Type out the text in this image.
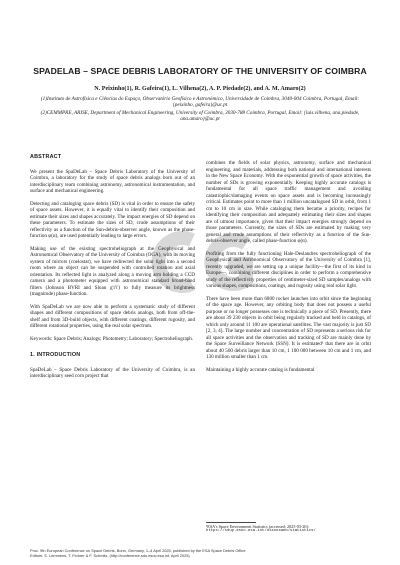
SPADELAB – SPACE DEBRIS LABORATORY OF THE UNIVERSITY OF COIMBRA
N. Peixinho(1), R. Gafeira(1), L. Vilhena(2), A. P. Piedade(2), and A. M. Amaro(2)
(1)Instituto de Astrofísica e Ciências do Espaço, Observatório Geofísico e Astronómico, Universidade de Coimbra, 3040-004 Coimbra, Portugal, Email: {peixinho, gafeira}@uc.pt
(2)CEMMPRE, ARISE, Department of Mechanical Engineering, University of Coimbra, 3030-788 Coimbra, Portugal, Email: {luis.vilhena, ana.piedade, ana.amaro}@uc.pt
ABSTRACT

We present the SpaDeLab – Space Debris Laboratory of the University of Coimbra, a laboratory for the study of space debris analogs born out of an interdisciplinary team combining astronomy, astronomical instrumentation, and surface and mechanical engineering.

Detecting and cataloging space debris (SD) is vital in order to ensure the safety of space assets. However, it is equally vital to identify their composition and estimate their sizes and shapes accurately. The impact energies of SD depend on these parameters. To estimate the sizes of SD, crude assumptions of their reflectivity as a function of the Sun-debris-observer angle, known as the phase-function φ(α), are used potentially leading to large errors.

Making use of the existing spectroheliograph at the Geophysical and Astronomical Observatory of the University of Coimbra (OGA), with its moving system of mirrors (coelostat), we have redirected the solar light into a second room where an object can be suspended with controlled rotation and axial orientation. Its reflected light is analyzed along a moving arm holding a CCD camera and a photometer equipped with astronomical standard broad-band filters (Johnson BVRI and Sloan g'r'i') to fully measure its brightness (magnitude) phase-function.

With SpaDeLab we are now able to perform a systematic study of different shapes and different compositions of space debris analogs, both from off-the-shelf and from 3D-build objects, with different coatings, different rugosity, and different rotational properties, using the real solar spectrum.

Keywords: Space Debris; Analogs; Photometry; Laboratory; Spectroheliograph.

1. INTRODUCTION

SpaDeLab – Space Debris Laboratory of the University of Coimbra, is an interdisciplinary seed corn project that

combines the fields of solar physics, astronomy, surface and mechanical engineering, and materials, addressing both national and international interests in the New Space Economy. With the exponential growth of space activities, the number of SDs is growing exponentially. Keeping highly accurate catalogs is fundamental for all space traffic management and avoiding catastrophic/damaging events on space assets and is becoming increasingly critical. Estimates point to more than 1 million uncatalogued SD in orbit, from 1 cm to 10 cm in size. While cataloging them became a priority, recipes for identifying their composition and adequately estimating their sizes and shapes are of utmost importance, given that their impact energies strongly depend on those parameters. Currently, the sizes of SDs are estimated by making very general and crude assumptions of their reflectivity as a function of the Sun-debris-observer angle, called phase-function φ(α).

Profiting from the fully functioning Hale-Deslandres spectroheliograph of the Geophysical and Astronomical Observatory of the University of Coimbra [1], recently upgraded, we are setting up a unique facility—the first of its kind in Europe—, combining different disciplines in order to perform a comprehensive study of the reflectivity properties of centimeter-sized SD samples/analogs with various shapes, compositions, coatings, and rugosity using real solar light.

There have been more than 6800 rocket launches into orbit since the beginning of the space age. However, any orbiting body that does not possess a useful purpose or no longer possesses one is technically a piece of SD. Presently, there are about 39 230 objects in orbit being regularly tracked and held in catalogs, of which only around 11 100 are operational satellites. The vast majority is just SD [2, 3, 4]. The large number and concentration of SD represents a serious risk for all space activities and the observation and tracking of SD are mainly done by the Space Surveillance Network (SSN). It is estimated¹ that there are in orbit about 40 500 debris larger than 10 cm, 1 100 000 between 10 cm and 1 cm, and 130 million smaller than 1 cm.

Maintaining a highly accurate catalog is fundamental

¹ESA's Space Environment Statistics (accessed: 2025-03-20):
https://sdup.esoc.esa.int/discosweb/statistics/
Proc. 9th European Conference on Space Debris, Bonn, Germany, 1–4 April 2025, published by the ESA Space Debris Office
Editors: S. Lemmens, T. Flohrer & F. Schmitz, (http://conference.sdo.esoc.esa.int, April 2025)
